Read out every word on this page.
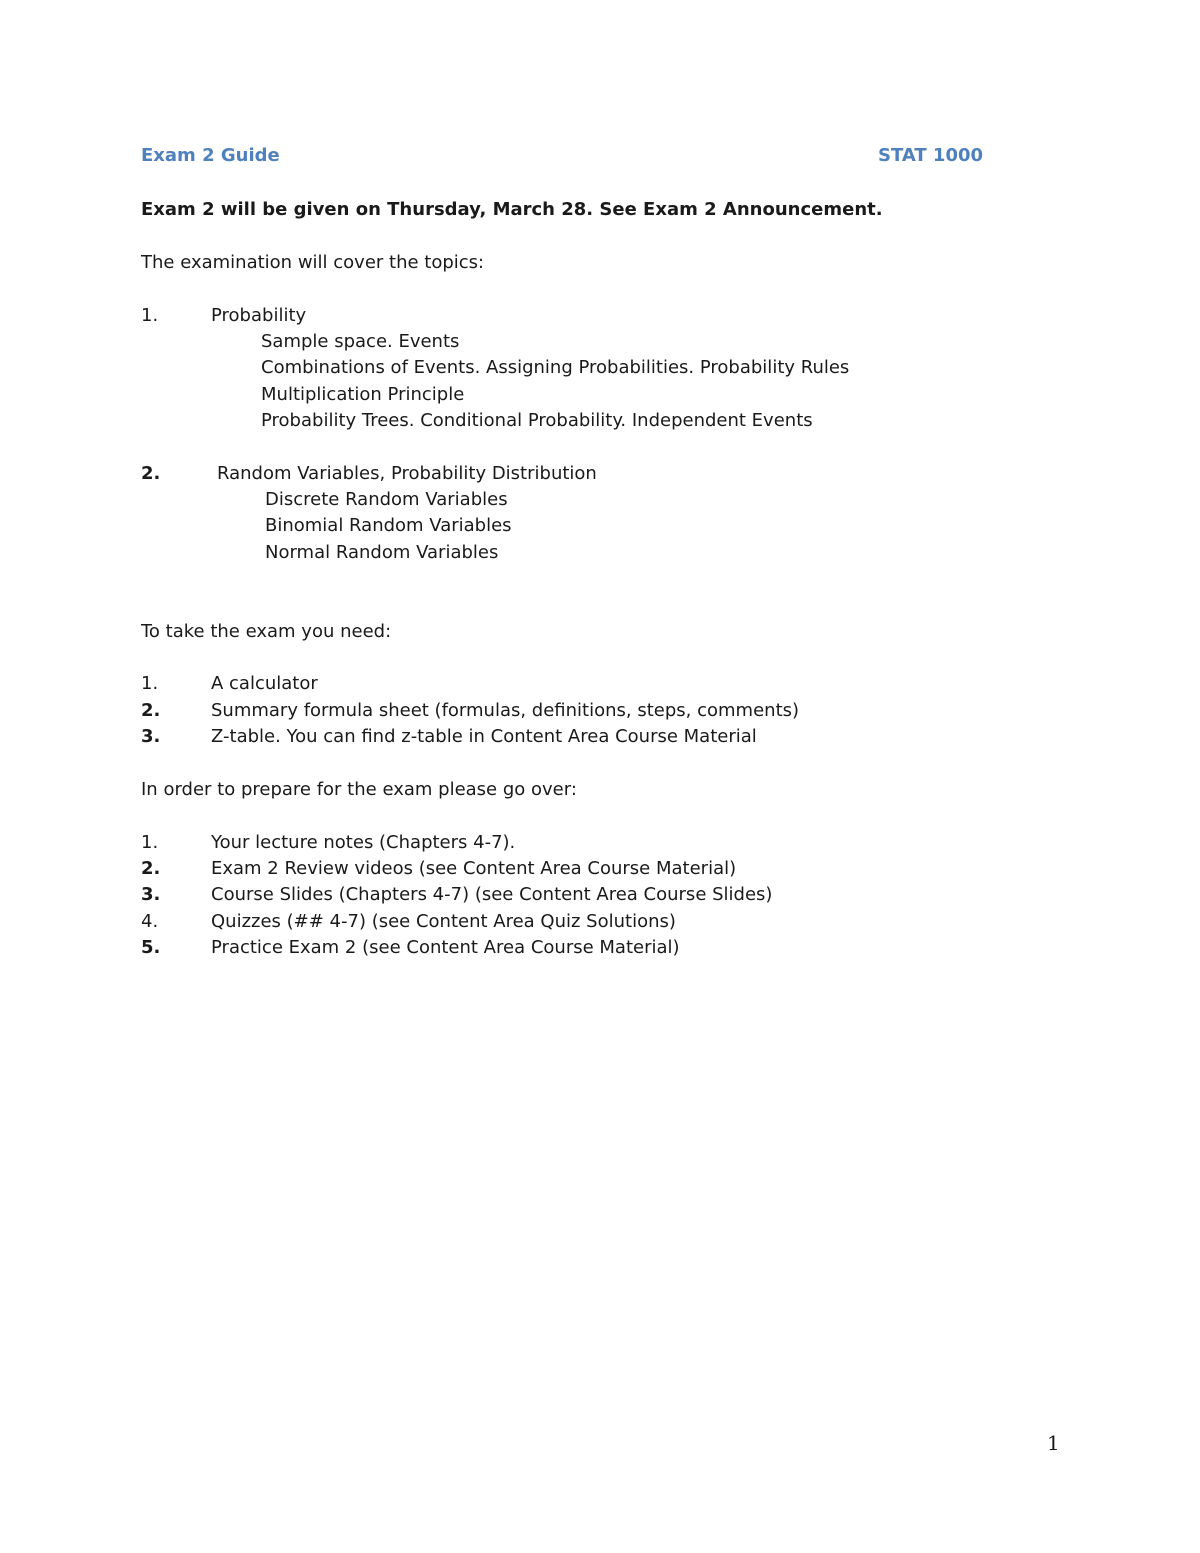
Exam 2 Guide	STAT 1000
Exam 2 will be given on Thursday, March 28. See Exam 2 Announcement.
The examination will cover the topics:
1.	Probability
Sample space. Events
Combinations of Events. Assigning Probabilities. Probability Rules
Multiplication Principle
Probability Trees. Conditional Probability. Independent Events
2.	Random Variables, Probability Distribution
Discrete Random Variables
Binomial Random Variables
Normal Random Variables
To take the exam you need:
1.	A calculator
2.	Summary formula sheet (formulas, definitions, steps, comments)
3.	Z-table. You can find z-table in Content Area Course Material
In order to prepare for the exam please go over:
1.	Your lecture notes (Chapters 4-7).
2.	Exam 2 Review videos (see Content Area Course Material)
3.	Course Slides (Chapters 4-7) (see Content Area Course Slides)
4.	Quizzes (## 4-7) (see Content Area Quiz Solutions)
5.	Practice Exam 2 (see Content Area Course Material)
1
